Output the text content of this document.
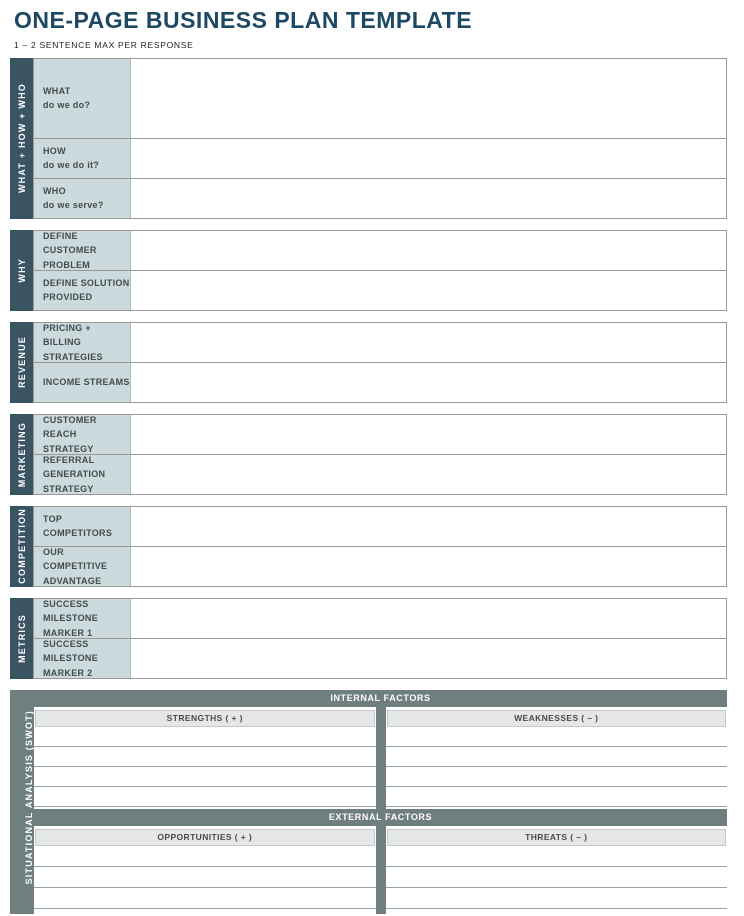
ONE-PAGE BUSINESS PLAN TEMPLATE
1 – 2 SENTENCE MAX PER RESPONSE
WHAT + HOW + WHO WHAT
do we do?
HOW
do we do it?
WHO
do we serve?
WHY
DEFINE CUSTOMER
PROBLEM
DEFINE SOLUTION
PROVIDED
REVENUE
PRICING + BILLING
STRATEGIES
INCOME STREAMS
MARKETING
CUSTOMER REACH
STRATEGY
REFERRAL GENERATION
STRATEGY
COMPETITION TOP COMPETITORS
OUR COMPETITIVE
ADVANTAGE
METRICS
SUCCESS MILESTONE
MARKER 1
SUCCESS MILESTONE
MARKER 2
SITUATIONAL ANALYSIS (SWOT)
INTERNAL FACTORS
STRENGTHS ( + )	WEAKNESSES ( – )
EXTERNAL FACTORS
OPPORTUNITIES ( + )	THREATS ( – )
